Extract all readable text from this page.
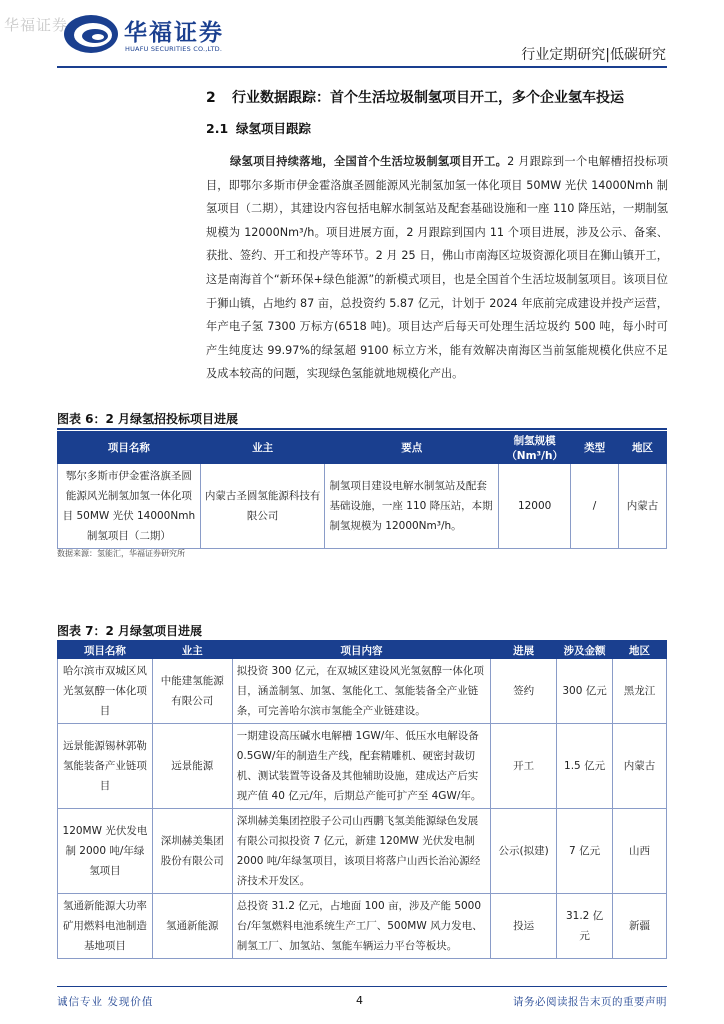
华福证券 华福证券
HUAFU SECURITIES CO.,LTD.	行业定期研究|低碳研究
2 行业数据跟踪：首个生活垃圾制氢项目开工，多个企业氢车投运
2.1 绿氢项目跟踪
绿氢项目持续落地，全国首个生活垃圾制氢项目开工。2 月跟踪到一个电解槽招投标项目，即鄂尔多斯市伊金霍洛旗圣圆能源风光制氢加氢一体化项目 50MW 光伏 14000Nmh 制氢项目（二期），其建设内容包括电解水制氢站及配套基础设施和一座 110 降压站，一期制氢规模为 12000Nm³/h。项目进展方面，2 月跟踪到国内 11 个项目进展，涉及公示、备案、获批、签约、开工和投产等环节。2 月 25 日，佛山市南海区垃圾资源化项目在狮山镇开工，这是南海首个“新环保+绿色能源”的新模式项目，也是全国首个生活垃圾制氢项目。该项目位于狮山镇，占地约 87 亩，总投资约 5.87 亿元，计划于 2024 年底前完成建设并投产运营，年产电子氢 7300 万标方(6518 吨)。项目达产后每天可处理生活垃圾约 500 吨，每小时可产生纯度达 99.97%的绿氢超 9100 标立方米，能有效解决南海区当前氢能规模化供应不足及成本较高的问题，实现绿色氢能就地规模化产出。
图表 6：2 月绿氢招投标项目进展
项目名称	业主	要点	制氢规模（Nm³/h）	类型	地区
鄂尔多斯市伊金霍洛旗圣圆能源风光制氢加氢一体化项目 50MW 光伏 14000Nmh 制氢项目（二期）	内蒙古圣圆氢能源科技有限公司	制氢项目建设电解水制氢站及配套基础设施，一座 110 降压站，本期制氢规模为 12000Nm³/h。	12000	/	内蒙古
数据来源：氢能汇，华福证券研究所
图表 7：2 月绿氢项目进展
项目名称	业主	项目内容	进展	涉及金额	地区
哈尔滨市双城区风光氢氨醇一体化项目	中能建氢能源有限公司	拟投资 300 亿元，在双城区建设风光氢氨醇一体化项目，涵盖制氢、加氢、氢能化工、氢能装备全产业链条，可完善哈尔滨市氢能全产业链建设。	签约	300 亿元	黑龙江
远景能源锡林郭勒氢能装备产业链项目	远景能源	一期建设高压碱水电解槽 1GW/年、低压水电解设备 0.5GW/年的制造生产线，配套精雕机、硬密封裁切机、测试装置等设备及其他辅助设施，建成达产后实现产值 40 亿元/年，后期总产能可扩产至 4GW/年。	开工	1.5 亿元	内蒙古
120MW 光伏发电制 2000 吨/年绿氢项目	深圳赫美集团股份有限公司	深圳赫美集团控股子公司山西鹏飞氢美能源绿色发展有限公司拟投资 7 亿元，新建 120MW 光伏发电制 2000 吨/年绿氢项目，该项目将落户山西长治沁源经济技术开发区。	公示(拟建)	7 亿元	山西
氢通新能源大功率矿用燃料电池制造基地项目	氢通新能源	总投资 31.2 亿元，占地面 100 亩，涉及产能 5000 台/年氢燃料电池系统生产工厂、500MW 风力发电、制氢工厂、加氢站、氢能车辆运力平台等板块。	投运	31.2 亿元	新疆
诚信专业 发现价值	4	请务必阅读报告末页的重要声明
